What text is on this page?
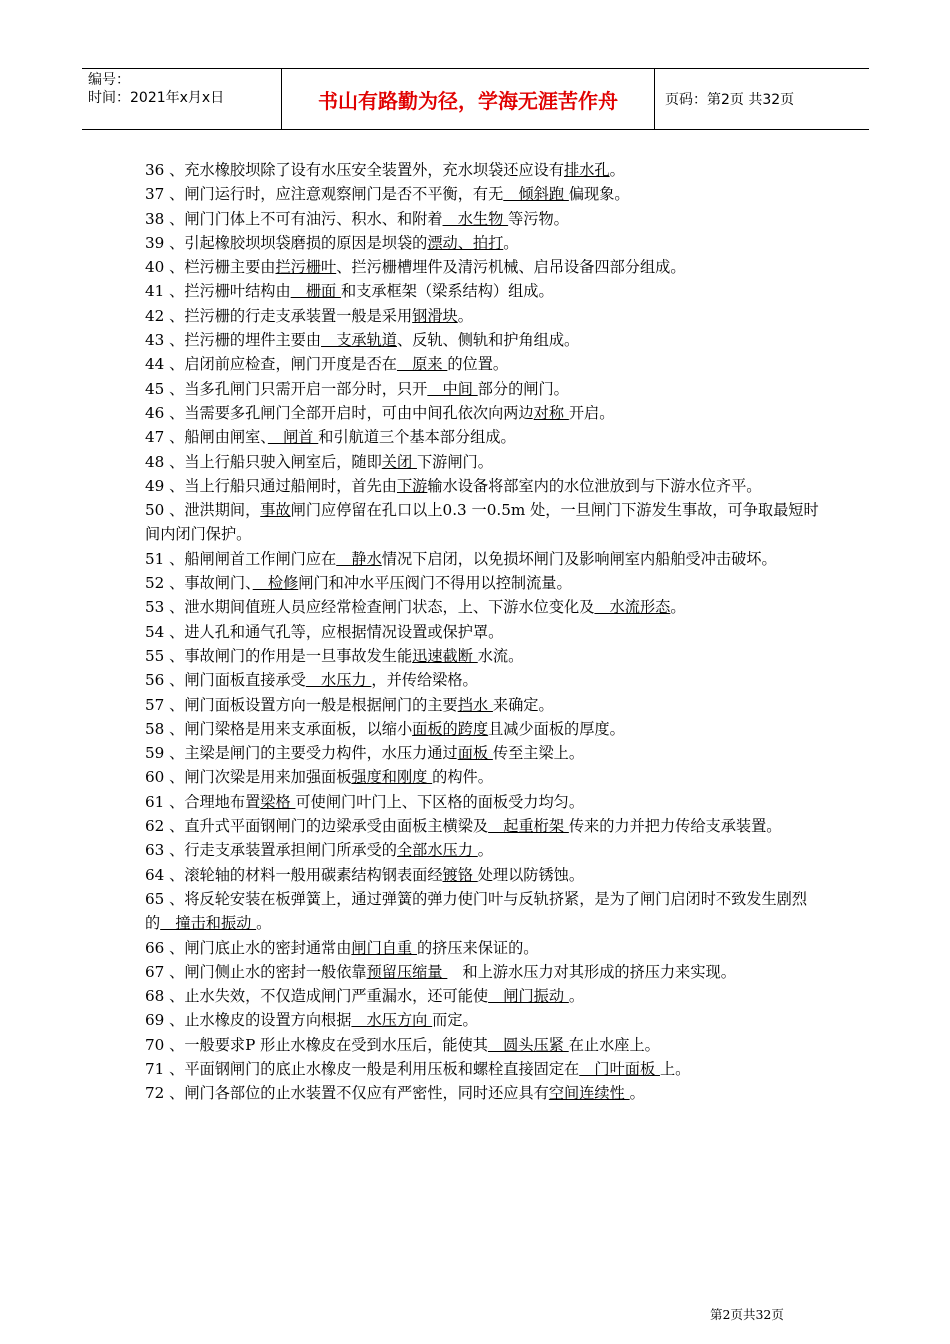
编号：
时间：2021年x月x日	书山有路勤为径，学海无涯苦作舟	页码：第2页 共32页
36 、充水橡胶坝除了设有水压安全装置外，充水坝袋还应设有排水孔。
37 、闸门运行时，应注意观察闸门是否不平衡，有无　倾斜跑 偏现象。
38 、闸门门体上不可有油污、积水、和附着　水生物 等污物。
39 、引起橡胶坝坝袋磨损的原因是坝袋的漂动、拍打。
40 、栏污栅主要由拦污栅叶、拦污栅槽埋件及清污机械、启吊设备四部分组成。
41 、拦污栅叶结构由　栅面 和支承框架（梁系结构）组成。
42 、拦污栅的行走支承装置一般是采用钢滑块。
43 、拦污栅的埋件主要由　支承轨道、反轨、侧轨和护角组成。
44 、启闭前应检查，闸门开度是否在　原来 的位置。
45 、当多孔闸门只需开启一部分时，只开　中间 部分的闸门。
46 、当需要多孔闸门全部开启时，可由中间孔依次向两边对称 开启。
47 、船闸由闸室、　闸首 和引航道三个基本部分组成。
48 、当上行船只驶入闸室后，随即关闭 下游闸门。
49 、当上行船只通过船闸时，首先由下游输水设备将部室内的水位泄放到与下游水位齐平。
50 、泄洪期间，事故闸门应停留在孔口以上0.3 一0.5m 处，一旦闸门下游发生事故，可争取最短时间内闭门保护。
51 、船闸闸首工作闸门应在　静水情况下启闭，以免损坏闸门及影响闸室内船舶受冲击破坏。
52 、事故闸门、　检修闸门和冲水平压阀门不得用以控制流量。
53 、泄水期间值班人员应经常检查闸门状态，上、下游水位变化及　水流形态。
54 、进人孔和通气孔等，应根据情况设置或保护罩。
55 、事故闸门的作用是一旦事故发生能迅速截断 水流。
56 、闸门面板直接承受　水压力 ，并传给梁格。
57 、闸门面板设置方向一般是根据闸门的主要挡水 来确定。
58 、闸门梁格是用来支承面板，以缩小面板的跨度且减少面板的厚度。
59 、主梁是闸门的主要受力构件，水压力通过面板 传至主梁上。
60 、闸门次梁是用来加强面板强度和刚度 的构件。
61 、合理地布置梁格 可使闸门叶门上、下区格的面板受力均匀。
62 、直升式平面钢闸门的边梁承受由面板主横梁及　起重桁架 传来的力并把力传给支承装置。
63 、行走支承装置承担闸门所承受的全部水压力 。
64 、滚轮轴的材料一般用碳素结构钢表面经镀铬 处理以防锈蚀。
65 、将反轮安装在板弹簧上，通过弹簧的弹力使门叶与反轨挤紧，是为了闸门启闭时不致发生剧烈的　撞击和振动 。
66 、闸门底止水的密封通常由闸门自重 的挤压来保证的。
67 、闸门侧止水的密封一般依靠预留压缩量 　和上游水压力对其形成的挤压力来实现。
68 、止水失效，不仅造成闸门严重漏水，还可能使　闸门振动 。
69 、止水橡皮的设置方向根据　水压方向 而定。
70 、一般要求P 形止水橡皮在受到水压后，能使其　圆头压紧 在止水座上。
71 、平面钢闸门的底止水橡皮一般是利用压板和螺栓直接固定在　门叶面板 上。
72 、闸门各部位的止水装置不仅应有严密性，同时还应具有空间连续性 。
第2页共32页
